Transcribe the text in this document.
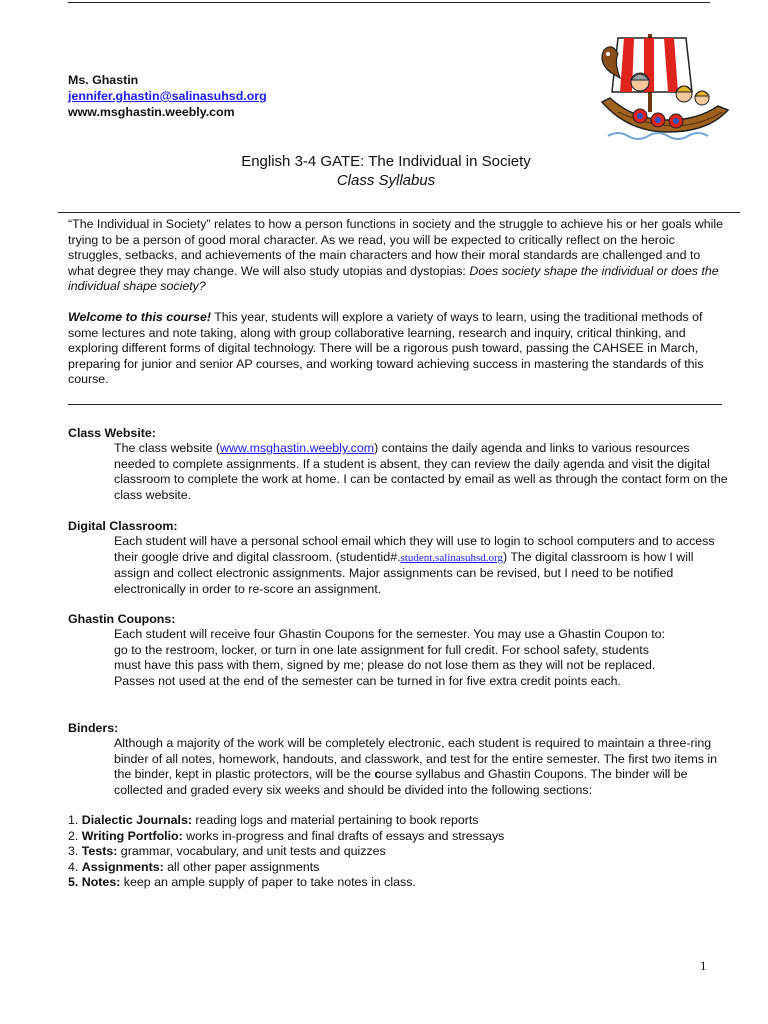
Ms. Ghastin
jennifer.ghastin@salinasuhsd.org
www.msghastin.weebly.com
English 3-4 GATE: The Individual in Society
Class Syllabus
“The Individual in Society” relates to how a person functions in society and the struggle to achieve his or her goals while trying to be a person of good moral character. As we read, you will be expected to critically reflect on the heroic struggles, setbacks, and achievements of the main characters and how their moral standards are challenged and to what degree they may change. We will also study utopias and dystopias: Does society shape the individual or does the individual shape society?
Welcome to this course! This year, students will explore a variety of ways to learn, using the traditional methods of some lectures and note taking, along with group collaborative learning, research and inquiry, critical thinking, and exploring different forms of digital technology. There will be a rigorous push toward, passing the CAHSEE in March, preparing for junior and senior AP courses, and working toward achieving success in mastering the standards of this course.

Class Website:

The class website (www.msghastin.weebly.com) contains the daily agenda and links to various resources needed to complete assignments. If a student is absent, they can review the daily agenda and visit the digital classroom to complete the work at home. I can be contacted by email as well as through the contact form on the class website.

Digital Classroom:

Each student will have a personal school email which they will use to login to school computers and to access their google drive and digital classroom. (studentid#.student.salinasuhsd.org) The digital classroom is how I will assign and collect electronic assignments. Major assignments can be revised, but I need to be notified electronically in order to re-score an assignment.

Ghastin Coupons:

Each student will receive four Ghastin Coupons for the semester. You may use a Ghastin Coupon to: go to the restroom, locker, or turn in one late assignment for full credit. For school safety, students must have this pass with them, signed by me; please do not lose them as they will not be replaced. Passes not used at the end of the semester can be turned in for five extra credit points each.

Binders:

Although a majority of the work will be completely electronic, each student is required to maintain a three-ring binder of all notes, homework, handouts, and classwork, and test for the entire semester. The first two items in the binder, kept in plastic protectors, will be the course syllabus and Ghastin Coupons. The binder will be collected and graded every six weeks and should be divided into the following sections:

1. Dialectic Journals: reading logs and material pertaining to book reports
2. Writing Portfolio: works in-progress and final drafts of essays and stressays
3. Tests: grammar, vocabulary, and unit tests and quizzes
4. Assignments: all other paper assignments
5. Notes: keep an ample supply of paper to take notes in class.
1
